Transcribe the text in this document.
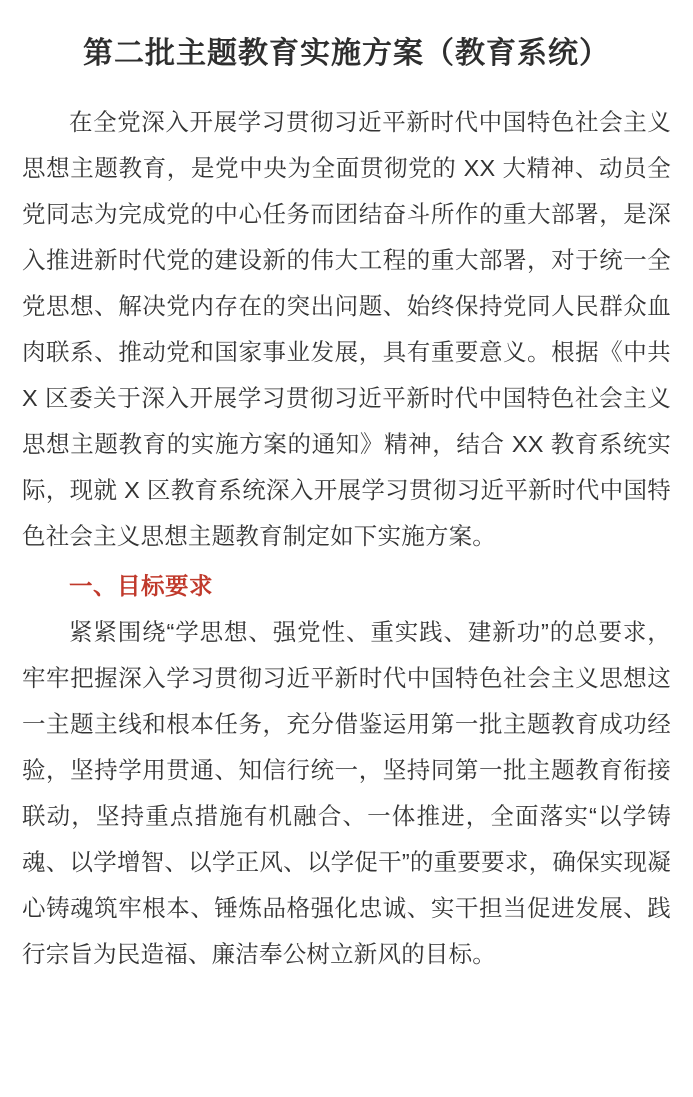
第二批主题教育实施方案（教育系统）

在全党深入开展学习贯彻习近平新时代中国特色社会主义思想主题教育，是党中央为全面贯彻党的 XX 大精神、动员全党同志为完成党的中心任务而团结奋斗所作的重大部署，是深入推进新时代党的建设新的伟大工程的重大部署，对于统一全党思想、解决党内存在的突出问题、始终保持党同人民群众血肉联系、推动党和国家事业发展，具有重要意义。根据《中共 X 区委关于深入开展学习贯彻习近平新时代中国特色社会主义思想主题教育的实施方案的通知》精神，结合 XX 教育系统实际，现就 X 区教育系统深入开展学习贯彻习近平新时代中国特色社会主义思想主题教育制定如下实施方案。

一、目标要求

紧紧围绕“学思想、强党性、重实践、建新功”的总要求，牢牢把握深入学习贯彻习近平新时代中国特色社会主义思想这一主题主线和根本任务，充分借鉴运用第一批主题教育成功经验，坚持学用贯通、知信行统一，坚持同第一批主题教育衔接联动，坚持重点措施有机融合、一体推进，全面落实“以学铸魂、以学增智、以学正风、以学促干”的重要要求，确保实现凝心铸魂筑牢根本、锤炼品格强化忠诚、实干担当促进发展、践行宗旨为民造福、廉洁奉公树立新风的目标。
